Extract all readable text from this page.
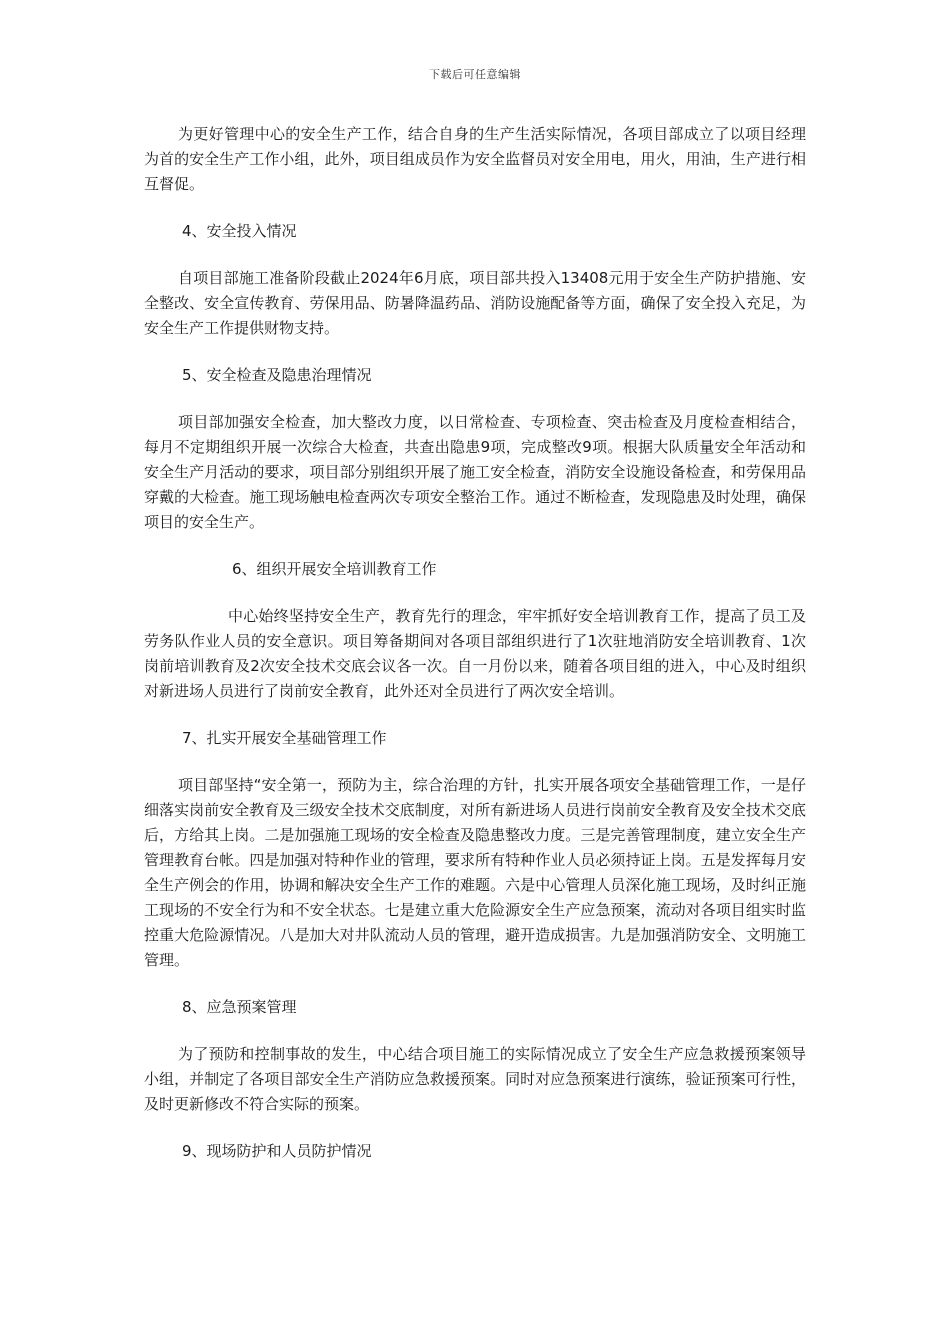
下载后可任意编辑

为更好管理中心的安全生产工作，结合自身的生产生活实际情况，各项目部成立了以项目经理为首的安全生产工作小组，此外，项目组成员作为安全监督员对安全用电，用火，用油，生产进行相互督促。

4、安全投入情况

自项目部施工准备阶段截止2024年6月底，项目部共投入13408元用于安全生产防护措施、安全整改、安全宣传教育、劳保用品、防暑降温药品、消防设施配备等方面，确保了安全投入充足，为安全生产工作提供财物支持。

5、安全检查及隐患治理情况

项目部加强安全检查，加大整改力度，以日常检查、专项检查、突击检查及月度检查相结合，每月不定期组织开展一次综合大检查，共查出隐患9项，完成整改9项。根据大队质量安全年活动和安全生产月活动的要求，项目部分别组织开展了施工安全检查，消防安全设施设备检查，和劳保用品穿戴的大检查。施工现场触电检查两次专项安全整治工作。通过不断检查，发现隐患及时处理，确保项目的安全生产。

6、组织开展安全培训教育工作

中心始终坚持安全生产，教育先行的理念，牢牢抓好安全培训教育工作，提高了员工及劳务队作业人员的安全意识。项目筹备期间对各项目部组织进行了1次驻地消防安全培训教育、1次岗前培训教育及2次安全技术交底会议各一次。自一月份以来，随着各项目组的进入，中心及时组织对新进场人员进行了岗前安全教育，此外还对全员进行了两次安全培训。

7、扎实开展安全基础管理工作

项目部坚持“安全第一，预防为主，综合治理的方针，扎实开展各项安全基础管理工作，一是仔细落实岗前安全教育及三级安全技术交底制度，对所有新进场人员进行岗前安全教育及安全技术交底后，方给其上岗。二是加强施工现场的安全检查及隐患整改力度。三是完善管理制度，建立安全生产管理教育台帐。四是加强对特种作业的管理，要求所有特种作业人员必须持证上岗。五是发挥每月安全生产例会的作用，协调和解决安全生产工作的难题。六是中心管理人员深化施工现场，及时纠正施工现场的不安全行为和不安全状态。七是建立重大危险源安全生产应急预案，流动对各项目组实时监控重大危险源情况。八是加大对井队流动人员的管理，避开造成损害。九是加强消防安全、文明施工管理。

8、应急预案管理

为了预防和控制事故的发生，中心结合项目施工的实际情况成立了安全生产应急救援预案领导小组，并制定了各项目部安全生产消防应急救援预案。同时对应急预案进行演练，验证预案可行性，及时更新修改不符合实际的预案。

9、现场防护和人员防护情况
